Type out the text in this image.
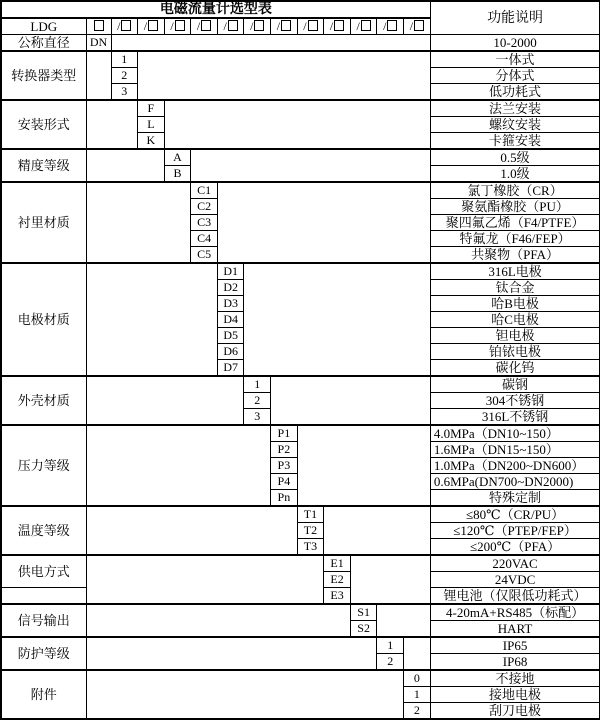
电磁流量计选型表														功能说明
LDG		/	/	/	/	/	/	/	/	/	/	/	/	
公称直径	DN													10-2000
转换器类型		1												一体式
		2												分体式
		3												低功耗式
安装形式			F											法兰安装
			L											螺纹安装
			K											卡箍安装
精度等级				A										0.5级
				B										1.0级
衬里材质					C1									氯丁橡胶（CR）
					C2									聚氨酯橡胶（PU）
					C3									聚四氟乙烯（F4/PTFE）
					C4									特氟龙（F46/FEP）
					C5									共聚物（PFA）
电极材质						D1								316L电极
						D2								钛合金
						D3								哈B电极
						D4								哈C电极
						D5								钽电极
						D6								铂铱电极
						D7								碳化钨
外壳材质							1							碳钢
							2							304不锈钢
							3							316L不锈钢
压力等级								P1						4.0MPa（DN10~150）
								P2						1.6MPa（DN15~150）
								P3						1.0MPa（DN200~DN600）
								P4						0.6MPa(DN700~DN2000)
								Pn						特殊定制
温度等级									T1					≤80℃（CR/PU）
									T2					≤120℃（PTEP/FEP）
									T3					≤200℃（PFA）
供电方式										E1				220VAC
										E2				24VDC
										E3				锂电池（仅限低功耗式）
信号输出											S1			4-20mA+RS485（标配）
											S2			HART
防护等级												1		IP65
												2		IP68
附件													0	不接地
													1	接地电极
													2	刮刀电极
